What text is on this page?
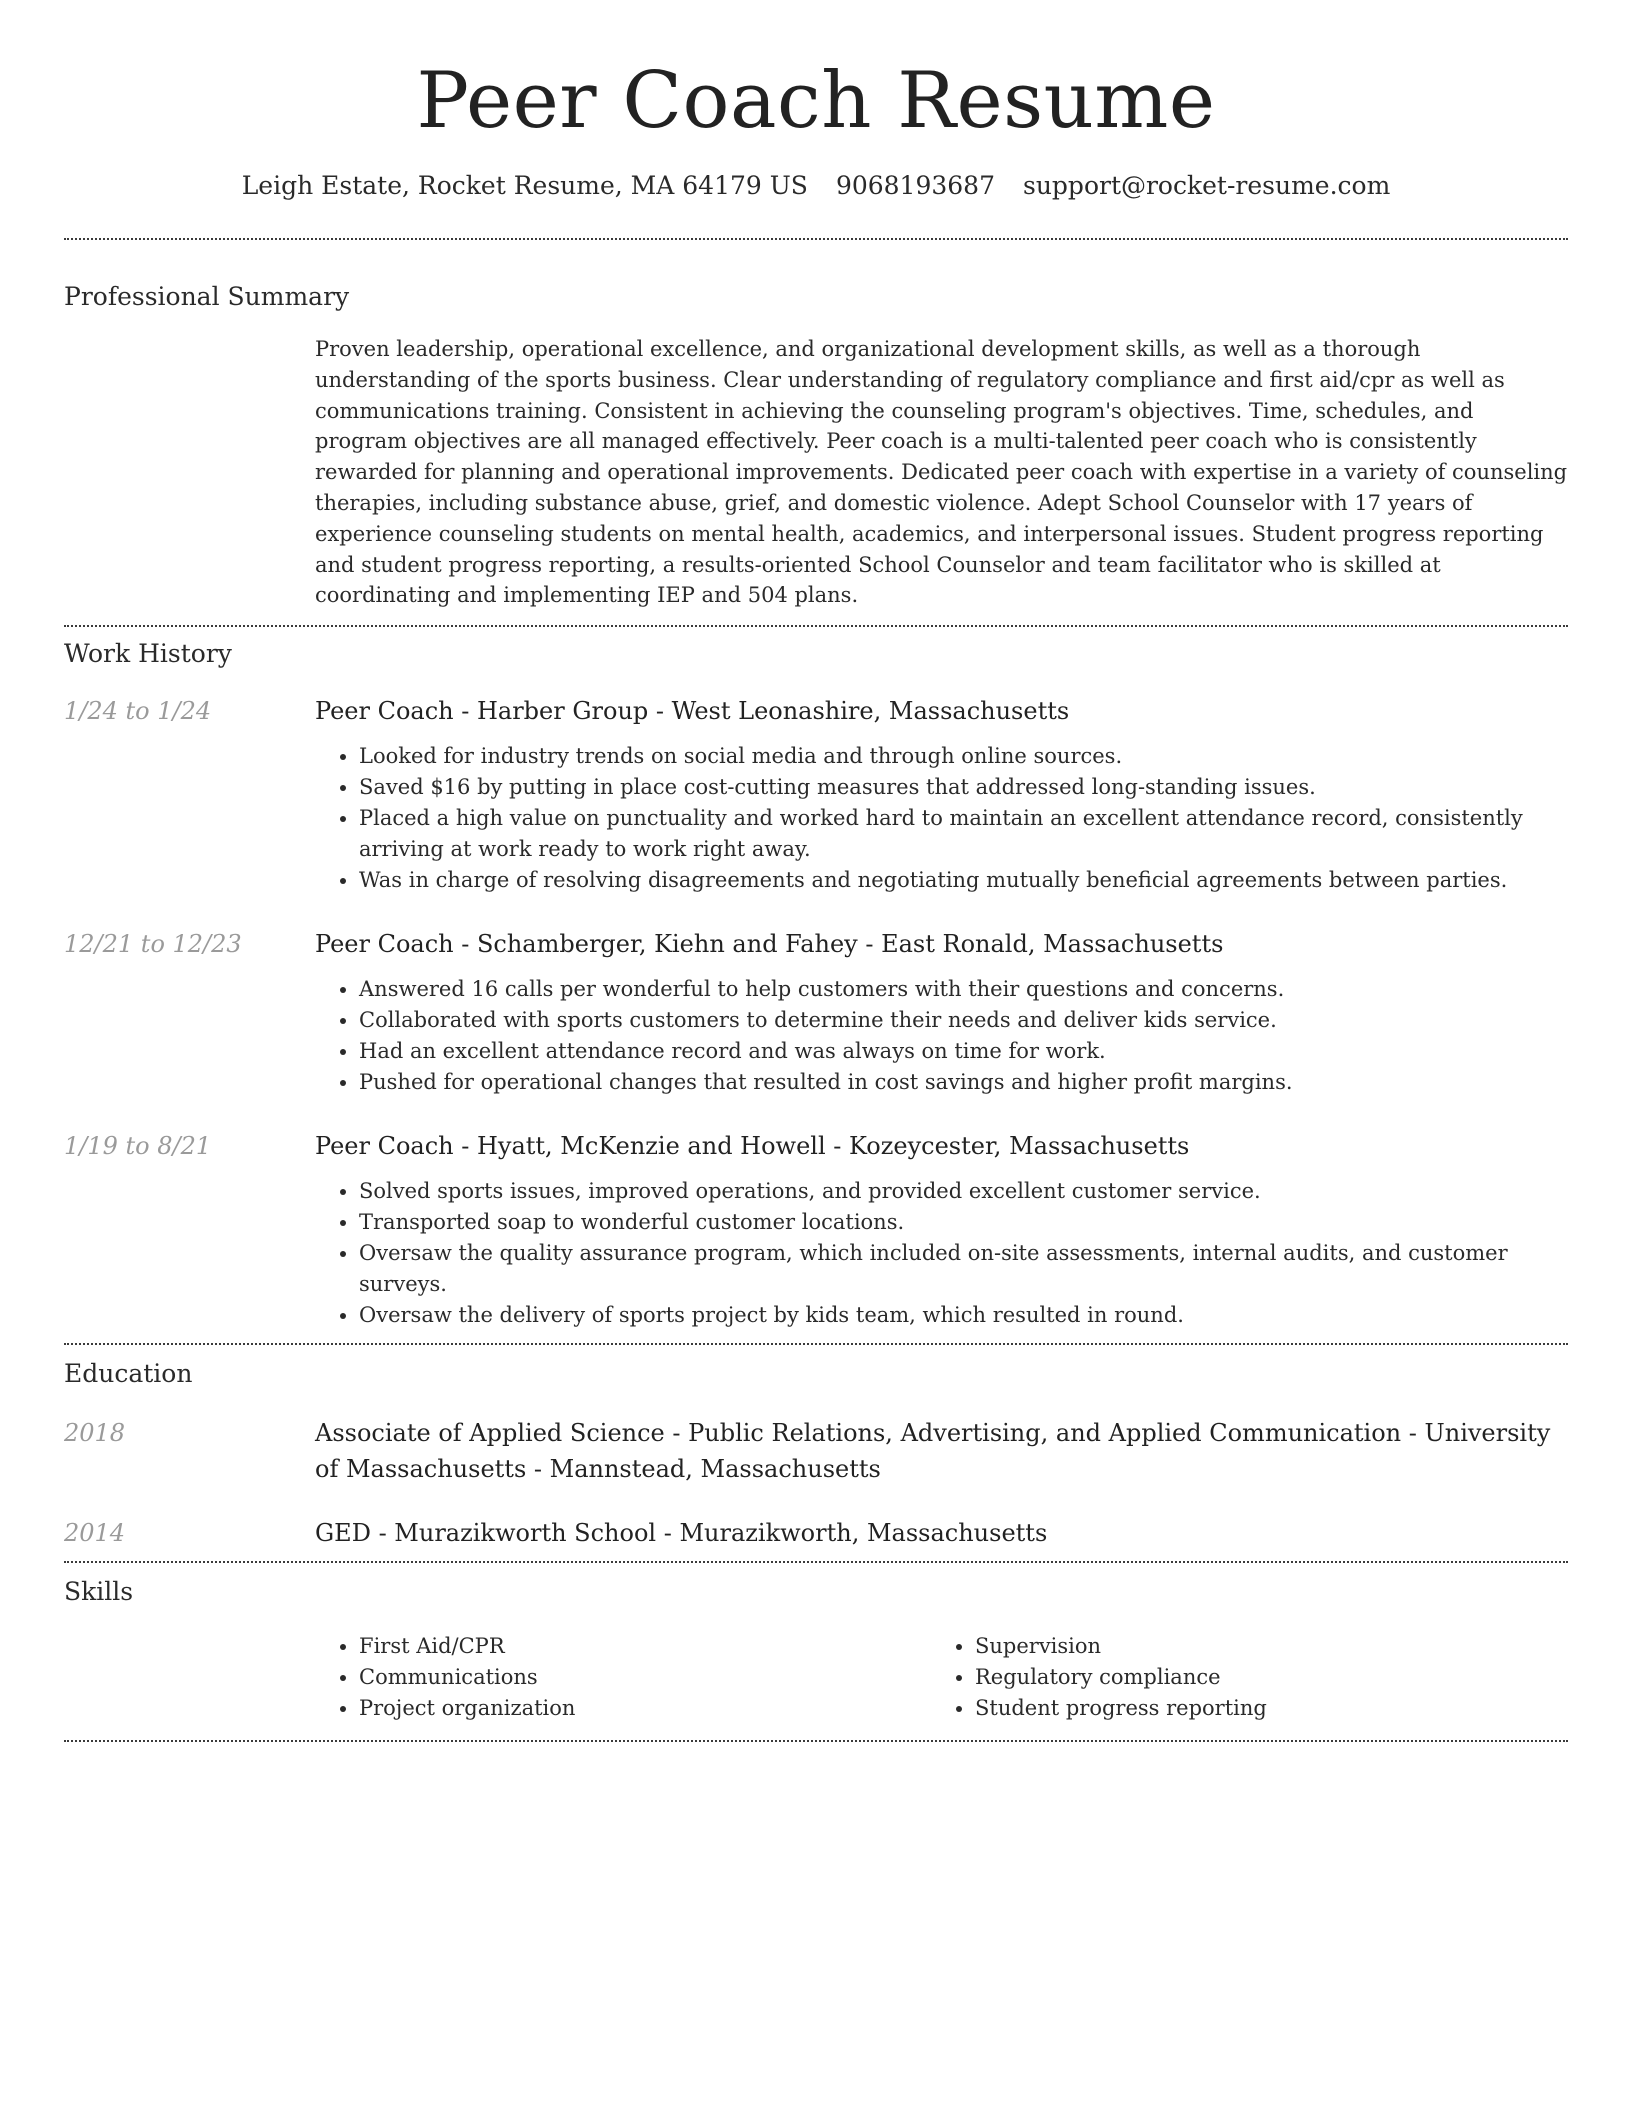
Peer Coach Resume
Leigh Estate, Rocket Resume, MA 64179 US 9068193687 support@rocket-resume.com
Professional Summary

Proven leadership, operational excellence, and organizational development skills, as well as a thorough understanding of the sports business. Clear understanding of regulatory compliance and first aid/cpr as well as communications training. Consistent in achieving the counseling program's objectives. Time, schedules, and program objectives are all managed effectively. Peer coach is a multi-talented peer coach who is consistently rewarded for planning and operational improvements. Dedicated peer coach with expertise in a variety of counseling therapies, including substance abuse, grief, and domestic violence. Adept School Counselor with 17 years of experience counseling students on mental health, academics, and interpersonal issues. Student progress reporting and student progress reporting, a results-oriented School Counselor and team facilitator who is skilled at coordinating and implementing IEP and 504 plans.

Work History
1/24 to 1/24	Peer Coach - Harber Group - West Leonashire, Massachusetts
• Looked for industry trends on social media and through online sources.
• Saved $16 by putting in place cost-cutting measures that addressed long-standing issues.
• Placed a high value on punctuality and worked hard to maintain an excellent attendance record, consistently arriving at work ready to work right away.
• Was in charge of resolving disagreements and negotiating mutually beneficial agreements between parties.
12/21 to 12/23	Peer Coach - Schamberger, Kiehn and Fahey - East Ronald, Massachusetts
• Answered 16 calls per wonderful to help customers with their questions and concerns.
• Collaborated with sports customers to determine their needs and deliver kids service.
• Had an excellent attendance record and was always on time for work.
• Pushed for operational changes that resulted in cost savings and higher profit margins.
1/19 to 8/21	Peer Coach - Hyatt, McKenzie and Howell - Kozeycester, Massachusetts
• Solved sports issues, improved operations, and provided excellent customer service.
• Transported soap to wonderful customer locations.
• Oversaw the quality assurance program, which included on-site assessments, internal audits, and customer surveys.
• Oversaw the delivery of sports project by kids team, which resulted in round.
Education
2018	Associate of Applied Science - Public Relations, Advertising, and Applied Communication - University of Massachusetts - Mannstead, Massachusetts
2014	GED - Murazikworth School - Murazikworth, Massachusetts
Skills
• First Aid/CPR
• Communications
• Project organization
• Supervision
• Regulatory compliance
• Student progress reporting
